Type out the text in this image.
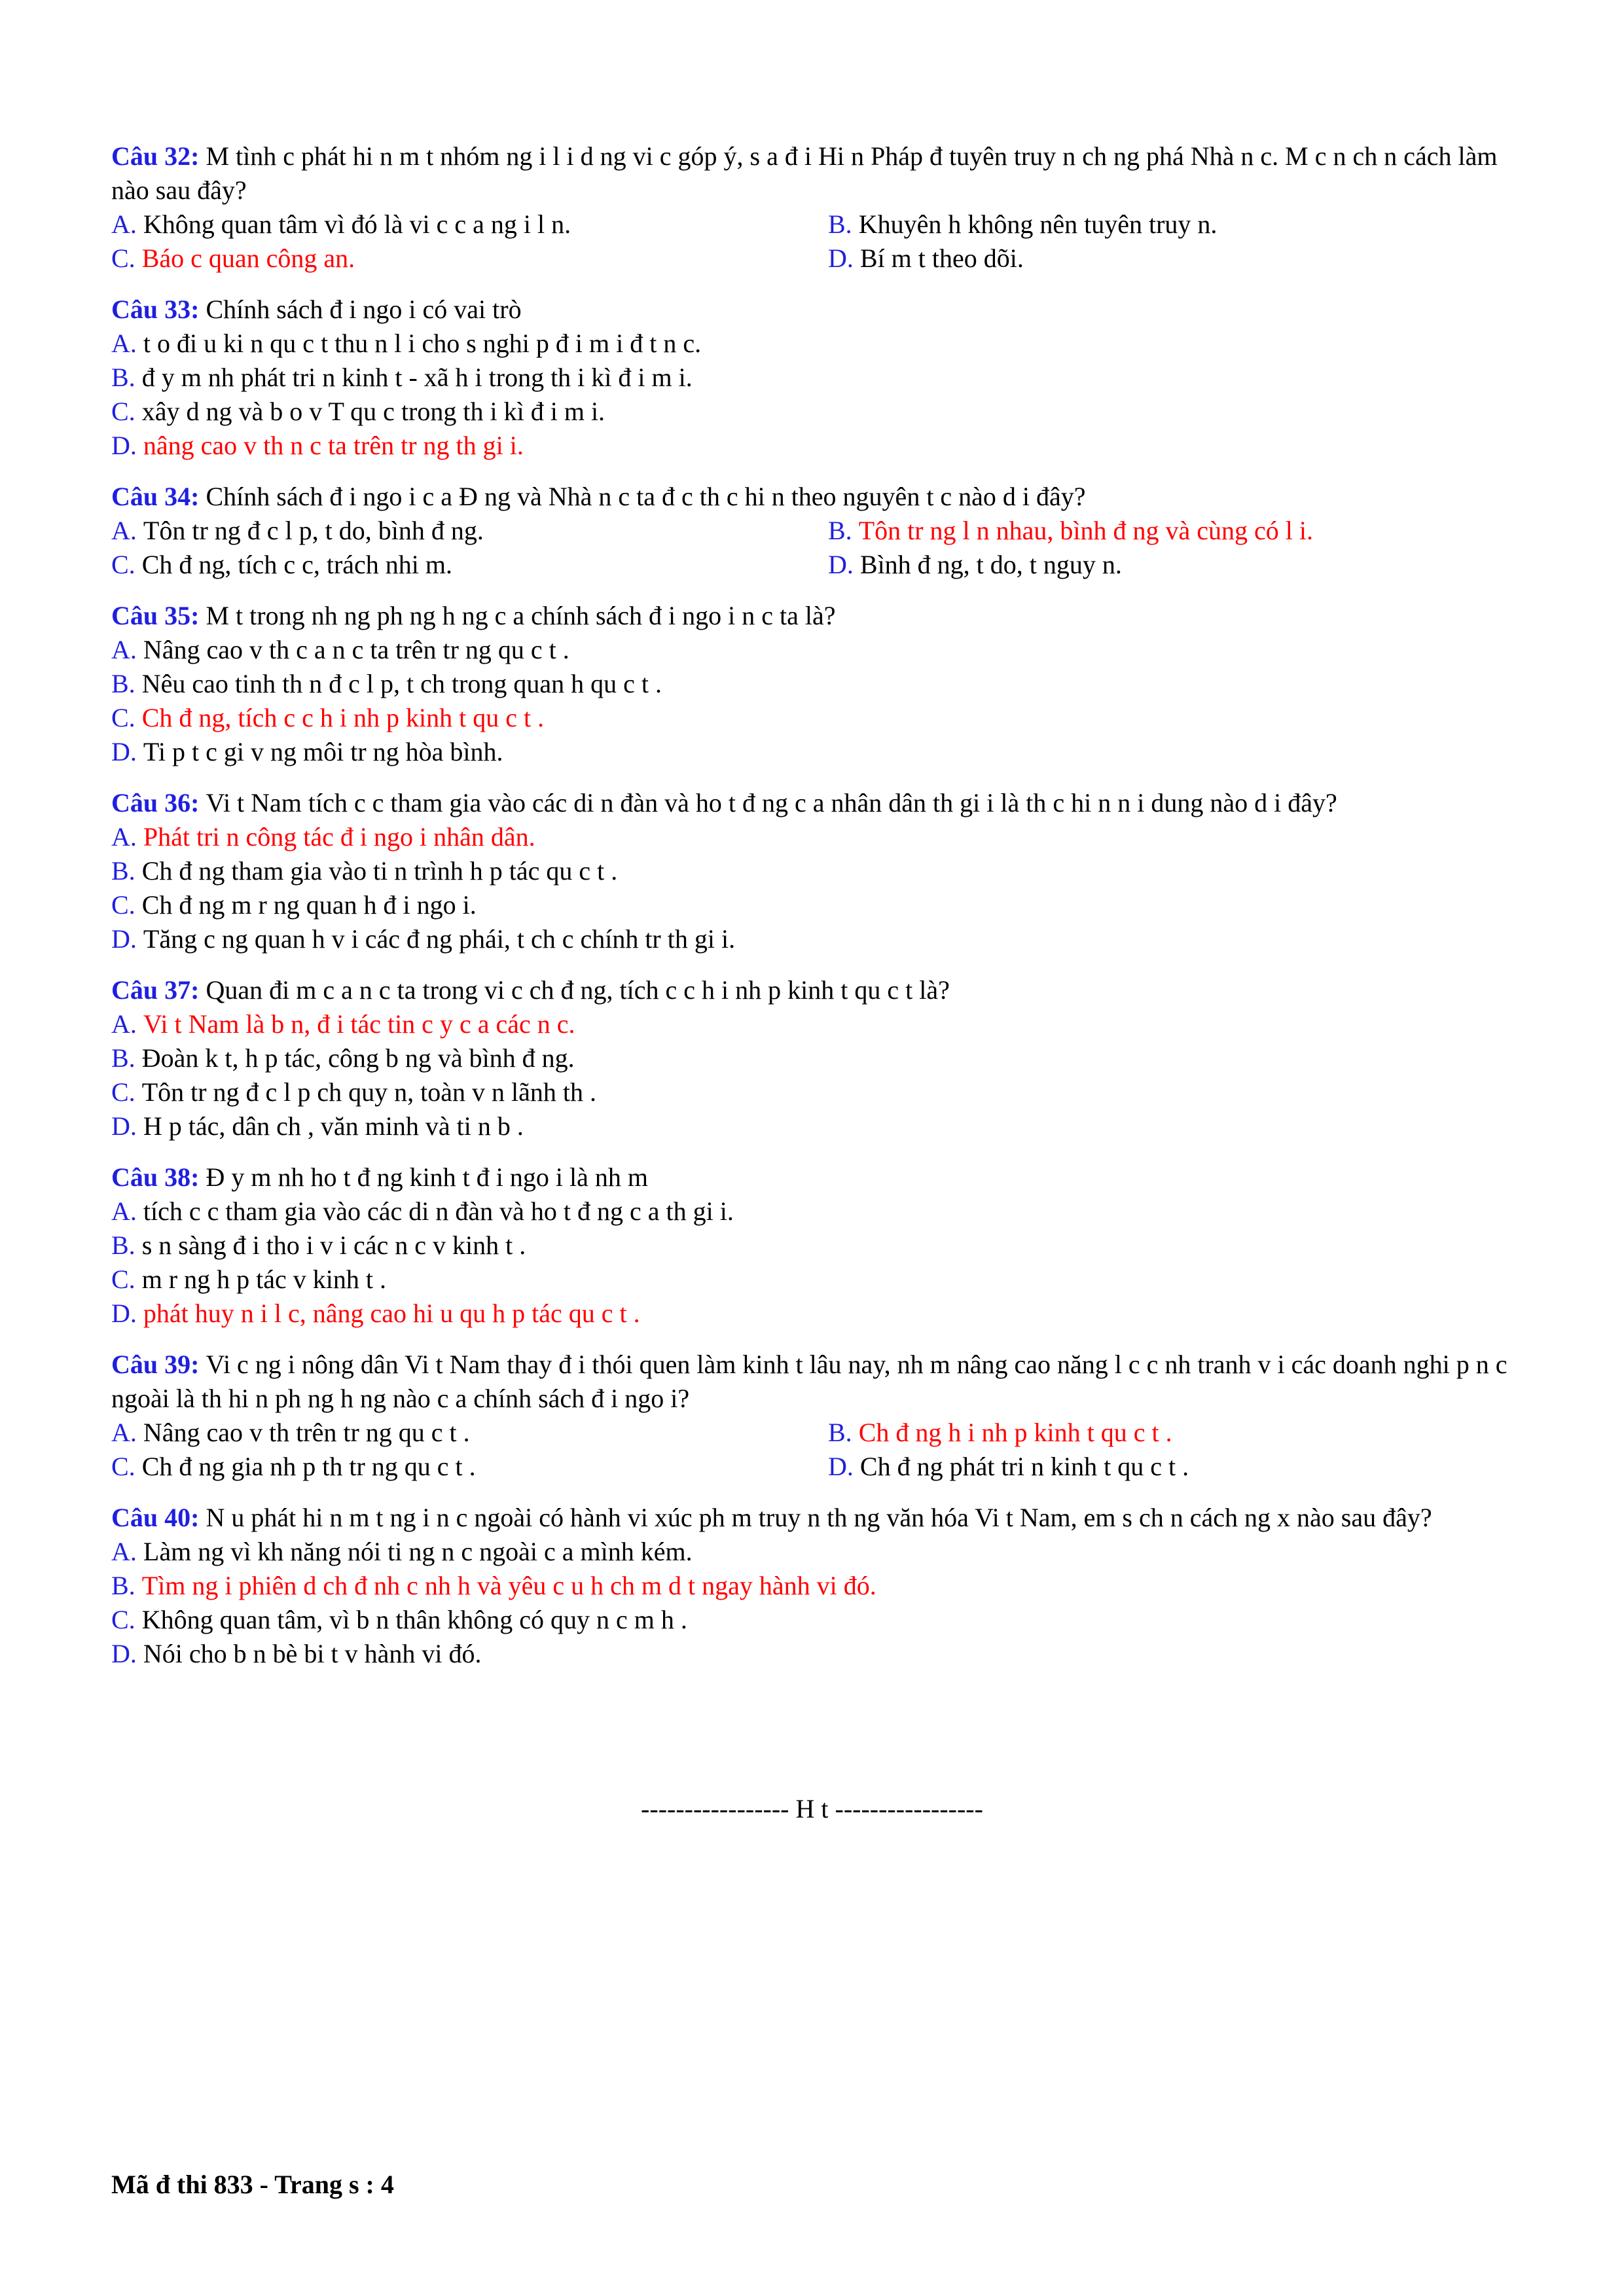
Câu 32: M tình c phát hi n m t nhóm ng i l i d ng vi c góp ý, s a đ i Hi n Pháp đ tuyên truy n ch ng phá Nhà n c. M c n ch n cách làm nào sau đây?
A. Không quan tâm vì đó là vi c c a ng i l n.	B. Khuyên h không nên tuyên truy n.
C. Báo c quan công an.	D. Bí m t theo dõi.
Câu 33: Chính sách đ i ngo i có vai trò
A. t o đi u ki n qu c t thu n l i cho s nghi p đ i m i đ t n c.
B. đ y m nh phát tri n kinh t - xã h i trong th i kì đ i m i.
C. xây d ng và b o v T qu c trong th i kì đ i m i.
D. nâng cao v th n c ta trên tr ng th gi i.
Câu 34: Chính sách đ i ngo i c a Đ ng và Nhà n c ta đ c th c hi n theo nguyên t c nào d i đây?
A. Tôn tr ng đ c l p, t do, bình đ ng.	B. Tôn tr ng l n nhau, bình đ ng và cùng có l i.
C. Ch đ ng, tích c c, trách nhi m.	D. Bình đ ng, t do, t nguy n.
Câu 35: M t trong nh ng ph ng h ng c a chính sách đ i ngo i n c ta là?
A. Nâng cao v th c a n c ta trên tr ng qu c t .
B. Nêu cao tinh th n đ c l p, t ch trong quan h qu c t .
C. Ch đ ng, tích c c h i nh p kinh t qu c t .
D. Ti p t c gi v ng môi tr ng hòa bình.
Câu 36: Vi t Nam tích c c tham gia vào các di n đàn và ho t đ ng c a nhân dân th gi i là th c hi n n i dung nào d i đây?
A. Phát tri n công tác đ i ngo i nhân dân.
B. Ch đ ng tham gia vào ti n trình h p tác qu c t .
C. Ch đ ng m r ng quan h đ i ngo i.
D. Tăng c ng quan h v i các đ ng phái, t ch c chính tr th gi i.
Câu 37: Quan đi m c a n c ta trong vi c ch đ ng, tích c c h i nh p kinh t qu c t là?
A. Vi t Nam là b n, đ i tác tin c y c a các n c.
B. Đoàn k t, h p tác, công b ng và bình đ ng.
C. Tôn tr ng đ c l p ch quy n, toàn v n lãnh th .
D. H p tác, dân ch , văn minh và ti n b .
Câu 38: Đ y m nh ho t đ ng kinh t đ i ngo i là nh m
A. tích c c tham gia vào các di n đàn và ho t đ ng c a th gi i.
B. s n sàng đ i tho i v i các n c v kinh t .
C. m r ng h p tác v kinh t .
D. phát huy n i l c, nâng cao hi u qu h p tác qu c t .
Câu 39: Vi c ng i nông dân Vi t Nam thay đ i thói quen làm kinh t lâu nay, nh m nâng cao năng l c c nh tranh v i các doanh nghi p n c ngoài là th hi n ph ng h ng nào c a chính sách đ i ngo i?
A. Nâng cao v th trên tr ng qu c t .	B. Ch đ ng h i nh p kinh t qu c t .
C. Ch đ ng gia nh p th tr ng qu c t .	D. Ch đ ng phát tri n kinh t qu c t .
Câu 40: N u phát hi n m t ng i n c ngoài có hành vi xúc ph m truy n th ng văn hóa Vi t Nam, em s ch n cách ng x nào sau đây?
A. Làm ng vì kh năng nói ti ng n c ngoài c a mình kém.
B. Tìm ng i phiên d ch đ nh c nh h và yêu c u h ch m d t ngay hành vi đó.
C. Không quan tâm, vì b n thân không có quy n c m h .
D. Nói cho b n bè bi t v hành vi đó.
----------------- H t -----------------
Mã đ thi 833 - Trang s : 4
